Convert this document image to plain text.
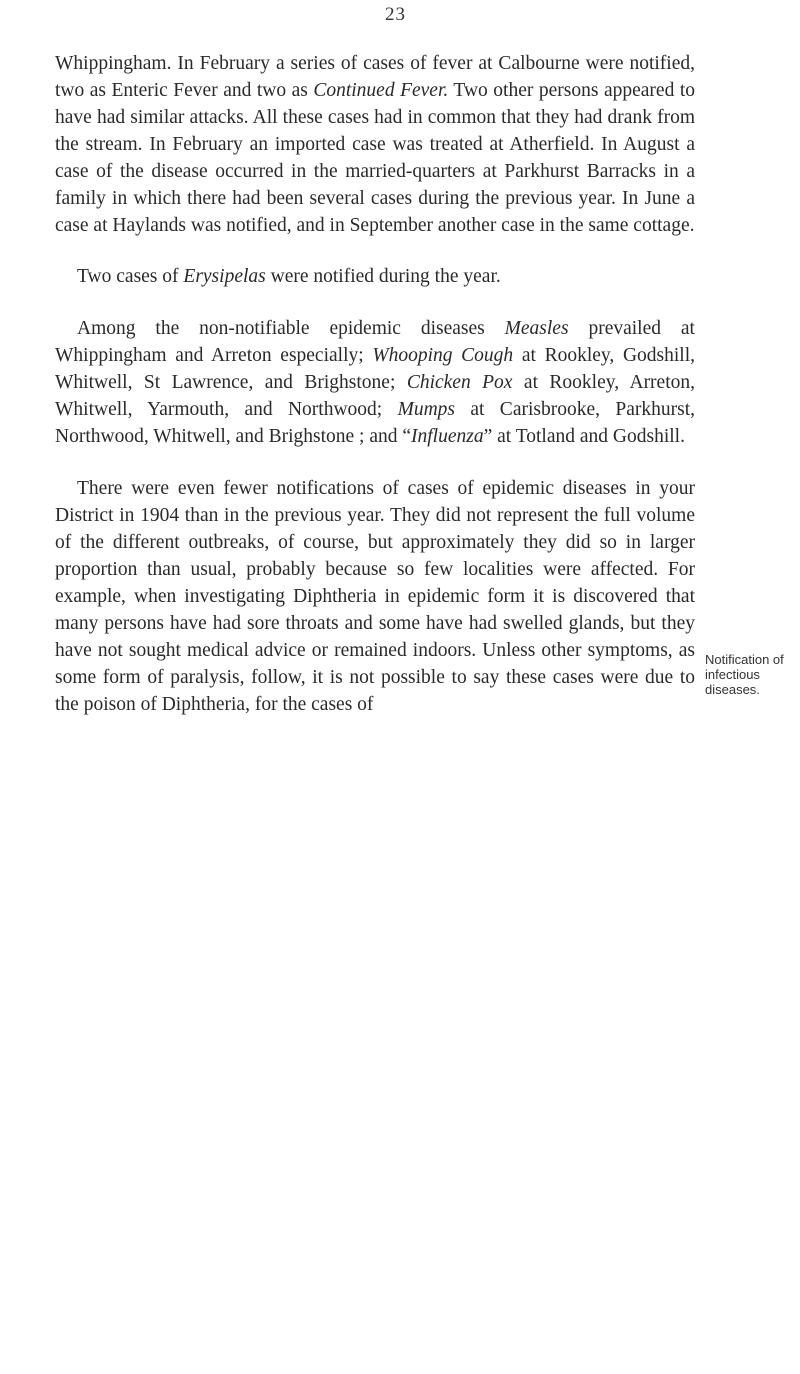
23

Whippingham. In February a series of cases of fever at Calbourne were notified, two as Enteric Fever and two as Continued Fever. Two other persons appeared to have had similar attacks. All these cases had in common that they had drank from the stream. In February an imported case was treated at Atherfield. In August a case of the disease occurred in the married-quarters at Parkhurst Barracks in a family in which there had been several cases during the previous year. In June a case at Haylands was notified, and in September another case in the same cottage.

Two cases of Erysipelas were notified during the year.

Among the non-notifiable epidemic diseases Measles prevailed at Whippingham and Arreton especially; Whooping Cough at Rookley, Godshill, Whitwell, St Lawrence, and Brighstone; Chicken Pox at Rookley, Arreton, Whitwell, Yarmouth, and Northwood; Mumps at Carisbrooke, Parkhurst, Northwood, Whitwell, and Brighstone ; and “Influenza” at Totland and Godshill.

There were even fewer notifications of cases of epidemic diseases in your District in 1904 than in the previous year. They did not represent the full volume of the different outbreaks, of course, but approximately they did so in larger proportion than usual, probably because so few localities were affected. For example, when investigating Diphtheria in epidemic form it is discovered that many persons have had sore throats and some have had swelled glands, but they have not sought medical advice or remained indoors. Unless other symptoms, as some form of paralysis, follow, it is not possible to say these cases were due to the poison of Diphtheria, for the cases of

Notification of infectious diseases.
